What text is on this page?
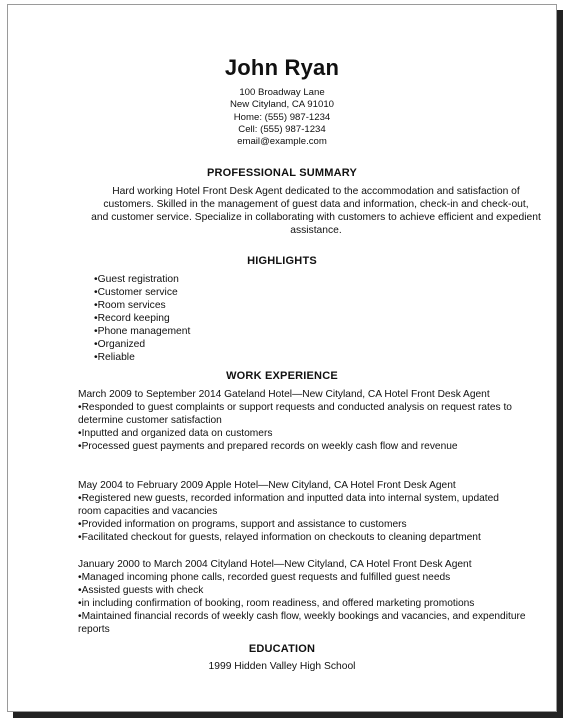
John Ryan
100 Broadway Lane
New Cityland, CA 91010
Home: (555) 987-1234
Cell: (555) 987-1234
email@example.com
PROFESSIONAL SUMMARY
Hard working Hotel Front Desk Agent dedicated to the accommodation and satisfaction of
customers. Skilled in the management of guest data and information, check-in and check-out,
and customer service. Specialize in collaborating with customers to achieve efficient and expedient
assistance.
HIGHLIGHTS
•Guest registration
•Customer service
•Room services
•Record keeping
•Phone management
•Organized
•Reliable
WORK EXPERIENCE
March 2009 to September 2014 Gateland Hotel—New Cityland, CA Hotel Front Desk Agent
•Responded to guest complaints or support requests and conducted analysis on request rates to
determine customer satisfaction
•Inputted and organized data on customers
•Processed guest payments and prepared records on weekly cash flow and revenue
May 2004 to February 2009 Apple Hotel—New Cityland, CA Hotel Front Desk Agent
•Registered new guests, recorded information and inputted data into internal system, updated
room capacities and vacancies
•Provided information on programs, support and assistance to customers
•Facilitated checkout for guests, relayed information on checkouts to cleaning department
January 2000 to March 2004 Cityland Hotel—New Cityland, CA Hotel Front Desk Agent
•Managed incoming phone calls, recorded guest requests and fulfilled guest needs
•Assisted guests with check
•in including confirmation of booking, room readiness, and offered marketing promotions
•Maintained financial records of weekly cash flow, weekly bookings and vacancies, and expenditure
reports
EDUCATION
1999 Hidden Valley High School
